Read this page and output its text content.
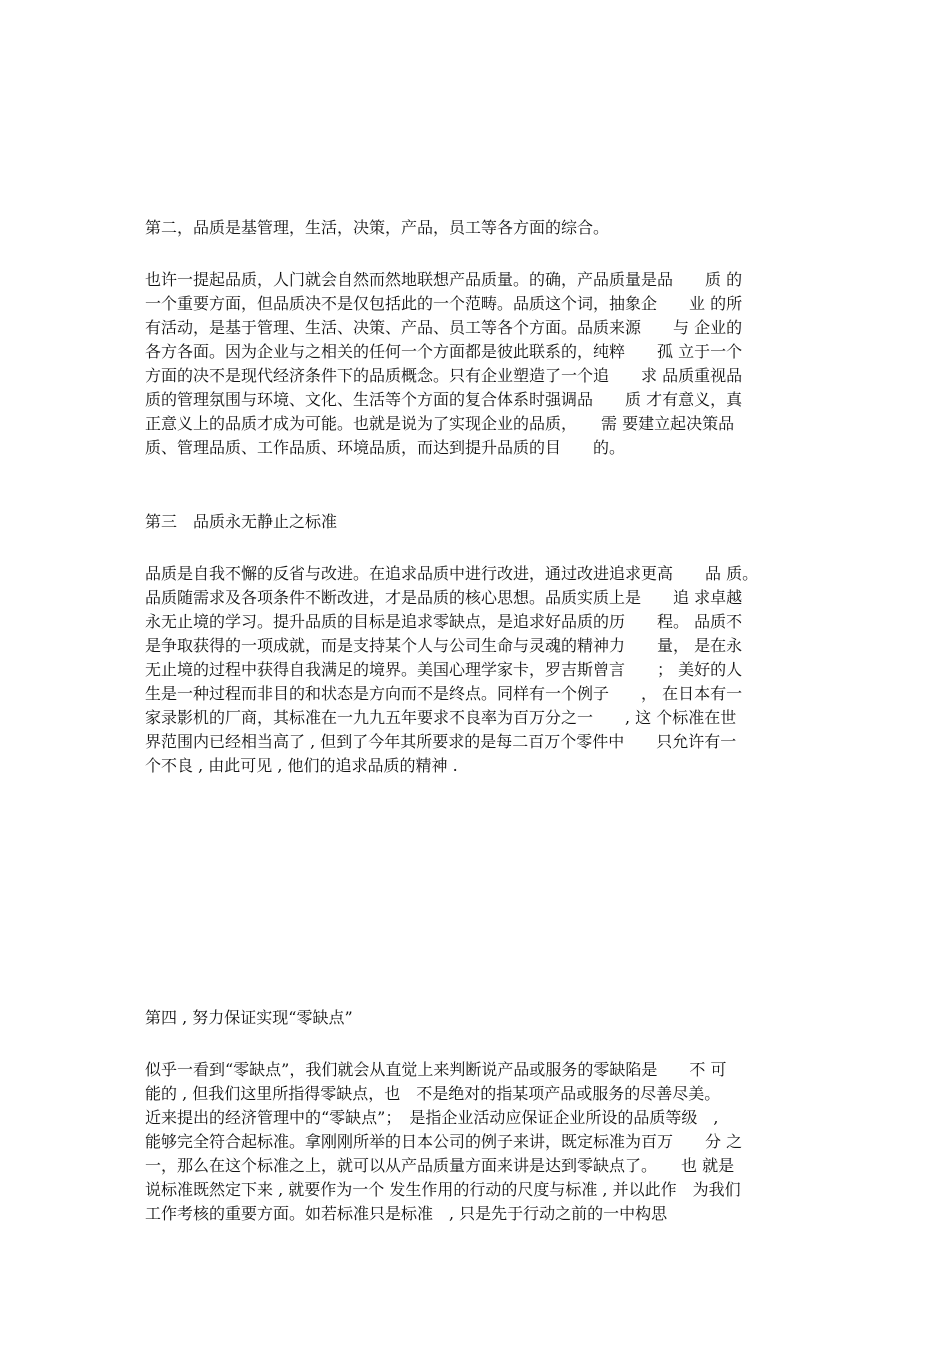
第二，品质是基管理，生活，决策，产品，员工等各方面的综合。
也许一提起品质，人门就会自然而然地联想产品质量。的确，产品质量是品　　质 的
一个重要方面，但品质决不是仅包括此的一个范畴。品质这个词，抽象企　　业 的所
有活动，是基于管理、生活、决策、产品、员工等各个方面。品质来源　　与 企业的
各方各面。因为企业与之相关的任何一个方面都是彼此联系的，纯粹　　孤 立于一个
方面的决不是现代经济条件下的品质概念。只有企业塑造了一个追　　求 品质重视品
质的管理氛围与环境、文化、生活等个方面的复合体系时强调品　　质 才有意义，真
正意义上的品质才成为可能。也就是说为了实现企业的品质，　　需 要建立起决策品
质、管理品质、工作品质、环境品质，而达到提升品质的目　　的。
第三　品质永无静止之标准
品质是自我不懈的反省与改进。在追求品质中进行改进，通过改进追求更高　　品 质。
品质随需求及各项条件不断改进，才是品质的核心思想。品质实质上是　　追 求卓越
永无止境的学习。提升品质的目标是追求零缺点，是追求好品质的历　　程。 品质不
是争取获得的一项成就，而是支持某个人与公司生命与灵魂的精神力　　量， 是在永
无止境的过程中获得自我满足的境界。美国心理学家卡，罗吉斯曾言　　； 美好的人
生是一种过程而非目的和状态是方向而不是终点。同样有一个例子　　， 在日本有一
家录影机的厂商，其标准在一九九五年要求不良率为百万分之一　　, 这 个标准在世
界范围内已经相当高了 , 但到了今年其所要求的是每二百万个零件中　　只允许有一
个不良 , 由此可见 , 他们的追求品质的精神 .
第四 , 努力保证实现“零缺点”
似乎一看到“零缺点”，我们就会从直觉上来判断说产品或服务的零缺陷是　　不 可
能的 , 但我们这里所指得零缺点，也　不是绝对的指某项产品或服务的尽善尽美。
近来提出的经济管理中的“零缺点”；　是指企业活动应保证企业所设的品质等级　,
能够完全符合起标准。拿刚刚所举的日本公司的例子来讲，既定标准为百万　　分 之
一，那么在这个标准之上，就可以从产品质量方面来讲是达到零缺点了。　　也 就是
说标准既然定下来 , 就要作为一个 发生作用的行动的尺度与标准 , 并以此作　为我们
工作考核的重要方面。如若标准只是标准　, 只是先于行动之前的一中构思
